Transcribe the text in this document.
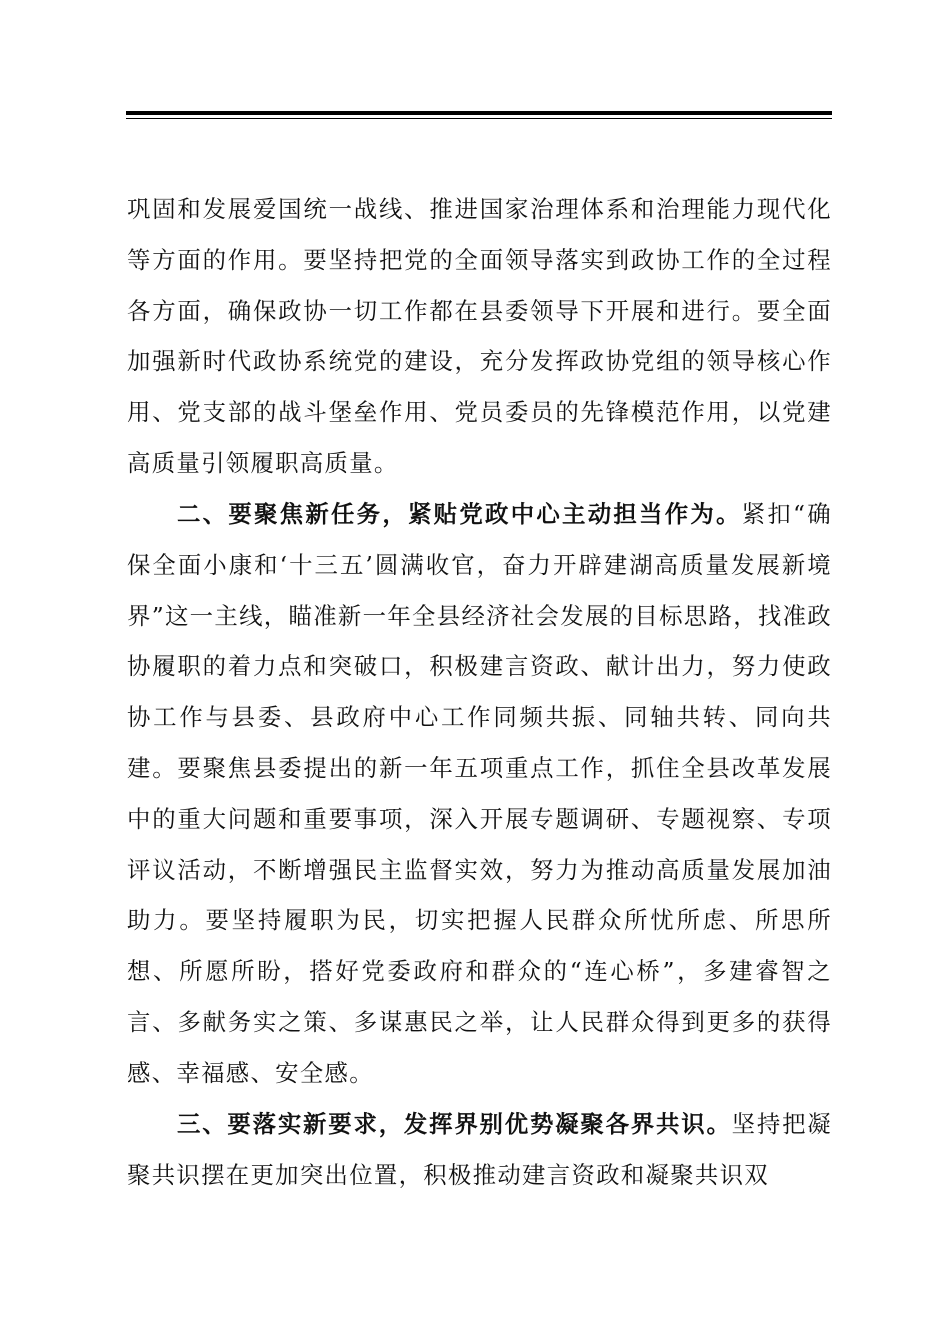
巩固和发展爱国统一战线、推进国家治理体系和治理能力现代化等方面的作用。要坚持把党的全面领导落实到政协工作的全过程各方面，确保政协一切工作都在县委领导下开展和进行。要全面加强新时代政协系统党的建设，充分发挥政协党组的领导核心作用、党支部的战斗堡垒作用、党员委员的先锋模范作用，以党建高质量引领履职高质量。

二、要聚焦新任务，紧贴党政中心主动担当作为。紧扣“确保全面小康和‘十三五’圆满收官，奋力开辟建湖高质量发展新境界”这一主线，瞄准新一年全县经济社会发展的目标思路，找准政协履职的着力点和突破口，积极建言资政、献计出力，努力使政协工作与县委、县政府中心工作同频共振、同轴共转、同向共建。要聚焦县委提出的新一年五项重点工作，抓住全县改革发展中的重大问题和重要事项，深入开展专题调研、专题视察、专项评议活动，不断增强民主监督实效，努力为推动高质量发展加油助力。要坚持履职为民，切实把握人民群众所忧所虑、所思所想、所愿所盼，搭好党委政府和群众的“连心桥”，多建睿智之言、多献务实之策、多谋惠民之举，让人民群众得到更多的获得感、幸福感、安全感。

三、要落实新要求，发挥界别优势凝聚各界共识。坚持把凝聚共识摆在更加突出位置，积极推动建言资政和凝聚共识双
